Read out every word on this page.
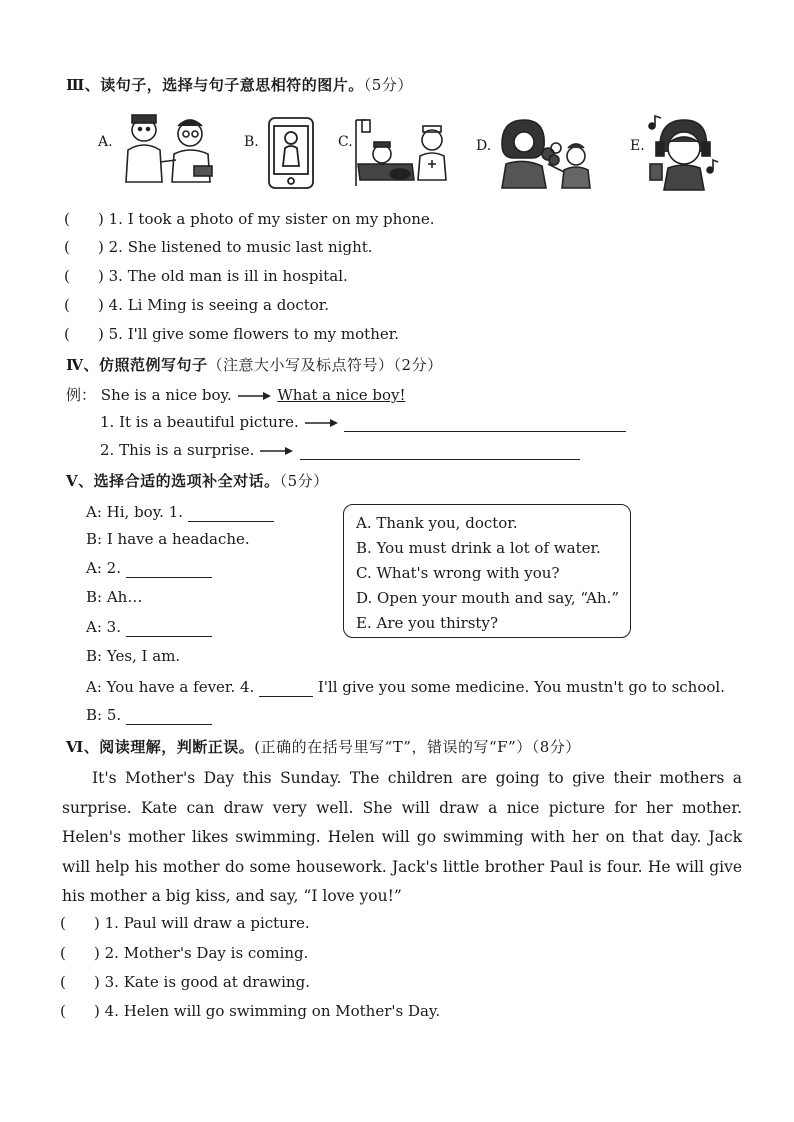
Ⅲ、读句子，选择与句子意思相符的图片。（5分）
A.	B.	C.	D.	E.
( ) 1. I took a photo of my sister on my phone.
( ) 2. She listened to music last night.
( ) 3. The old man is ill in hospital.
( ) 4. Li Ming is seeing a doctor.
( ) 5. I'll give some flowers to my mother.
Ⅳ、仿照范例写句子（注意大小写及标点符号）（2分）
例： She is a nice boy.	What a nice boy!
1. It is a beautiful picture.
2. This is a surprise.
Ⅴ、选择合适的选项补全对话。（5分）
A: Hi, boy. 1.
B: I have a headache.
A: 2.
B: Ah…
A: 3.
B: Yes, I am.
A: You have a fever. 4.	I'll give you some medicine. You mustn't go to school.
B: 5.
A. Thank you, doctor.
B. You must drink a lot of water.
C. What's wrong with you?
D. Open your mouth and say, “Ah.”
E. Are you thirsty?
Ⅵ、阅读理解，判断正误。(正确的在括号里写“T”，错误的写“F”）（8分）
It's Mother's Day this Sunday. The children are going to give their mothers a surprise. Kate can draw very well. She will draw a nice picture for her mother. Helen's mother likes swimming. Helen will go swimming with her on that day. Jack will help his mother do some housework. Jack's little brother Paul is four. He will give his mother a big kiss, and say, “I love you!”
( ) 1. Paul will draw a picture.
( ) 2. Mother's Day is coming.
( ) 3. Kate is good at drawing.
( ) 4. Helen will go swimming on Mother's Day.
